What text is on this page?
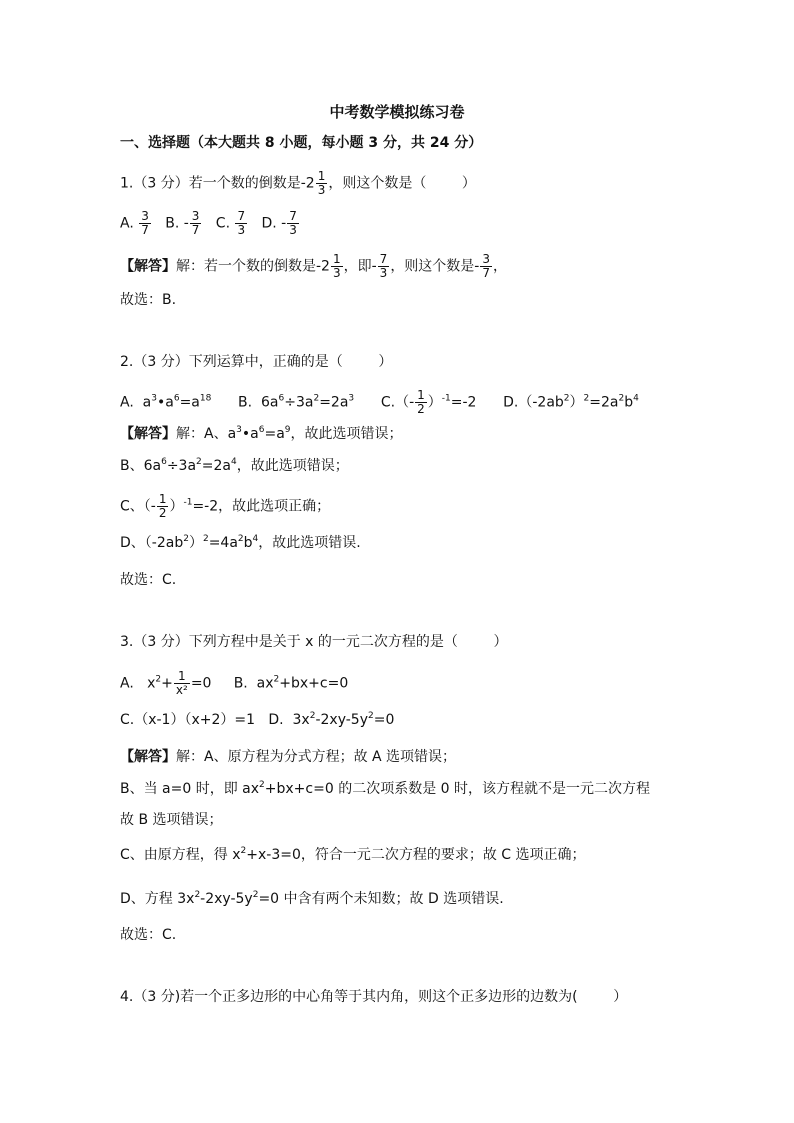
中考数学模拟练习卷
一、选择题（本大题共 8 小题，每小题 3 分，共 24 分）
1.（3 分）若一个数的倒数是$-2 \frac{1}{3}$ ，则这个数是（        ）
A. $\frac{3}{7} B$. - $\frac{3}{7} C$. $\frac{7}{3} D$. - $\frac{7}{3}$
【解答】解：若一个数的倒数是$-2 \frac{1}{3}$ ，即- $\frac{7}{3}$ ，则这个数是- $\frac{3}{7}$ ，
故选：B.
2.（3 分）下列运算中，正确的是（        ）
A.  $a^3•a^6=a^{18}$      B.  $6a^6\div 3a^2=2a^3$      $C.(- \frac{1}{2} )^{-1}=-2$      $D.(-2ab^2)^2=2a^2b^4$
【解答】解：A、$a^3•a^6=a^9$，故此选项错误；
B、$6a^6\div 3a^2=2a^4$，故此选项错误；
C、（- $\frac{1}{2} )^{-1}=-2$，故此选项正确；
D、$(-2ab^2)^2=4a^2b^4$，故此选项错误.
故选：C.
3.（3 分）下列方程中是关于 x 的一元二次方程的是（        ）
A.   $x^2+ \frac{1}{\text{x²}} =0$     B.  $ax^2+bx+c=0$
C.（x-1）（x+2）=1   D.  $3x^2-2xy-5y^2=0$
【解答】解：A、原方程为分式方程；故 A 选项错误；
B、当 a=0 时，即 $ax^2+bx+c=0$ 的二次项系数是 0 时，该方程就不是一元二次方程
故 B 选项错误；
C、由原方程，得 $x^2+x-3=0$，符合一元二次方程的要求；故 C 选项正确；
D、方程 $3x^2-2xy-5y^2=0$ 中含有两个未知数；故 D 选项错误.
故选：C.
4.（3 分)若一个正多边形的中心角等于其内角，则这个正多边形的边数为(        ）
